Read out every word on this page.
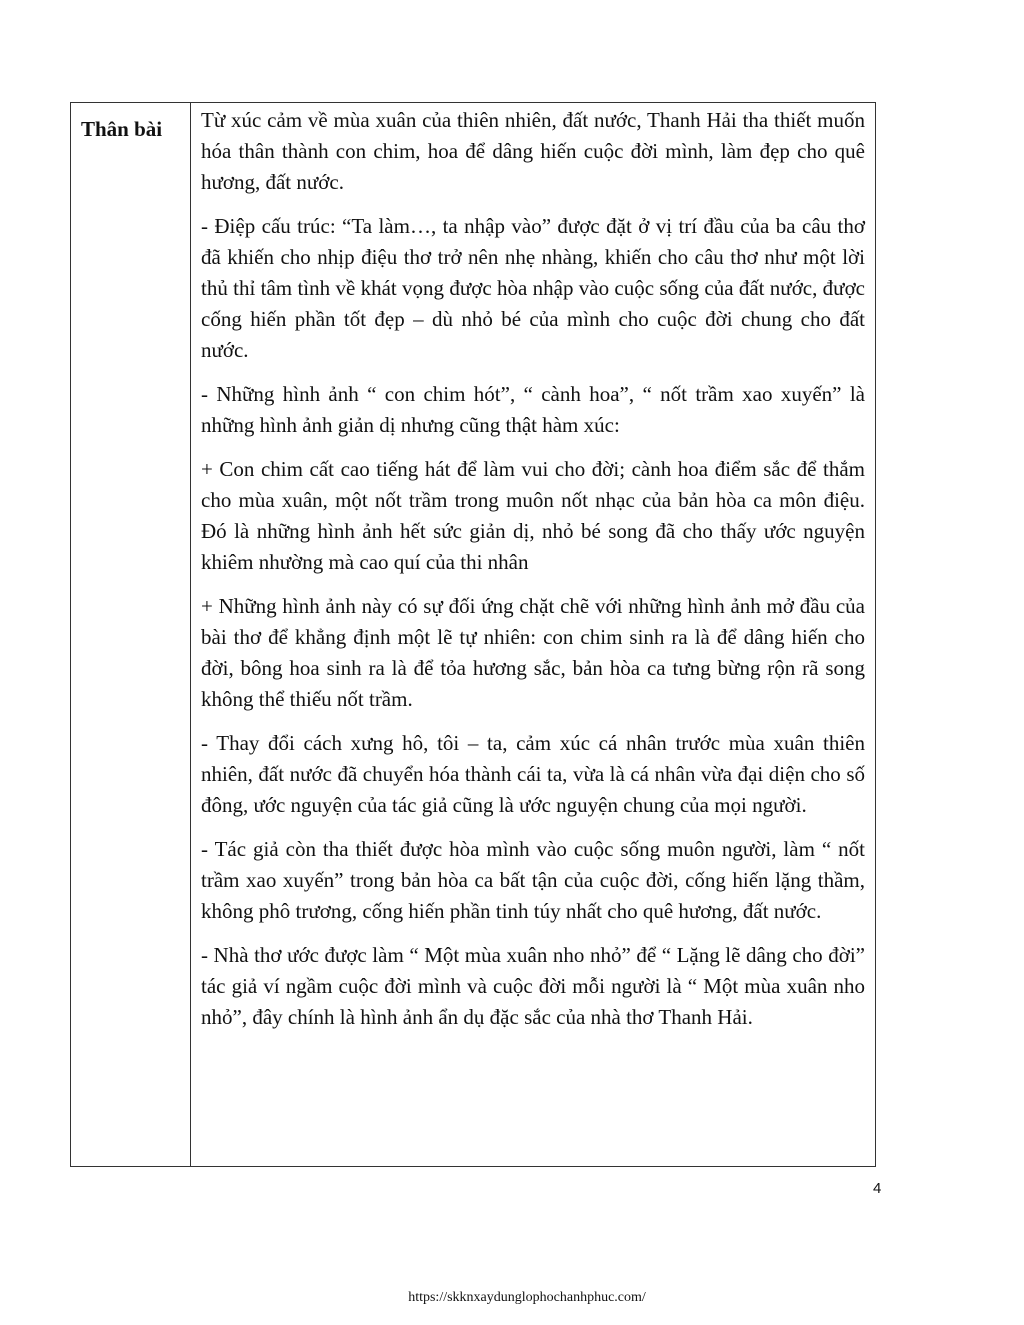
Thân bài	Từ xúc cảm về mùa xuân của thiên nhiên, đất nước, Thanh Hải tha thiết muốn hóa thân thành con chim, hoa để dâng hiến cuộc đời mình, làm đẹp cho quê hương, đất nước.

- Điệp cấu trúc: “Ta làm…, ta nhập vào” được đặt ở vị trí đầu của ba câu thơ đã khiến cho nhịp điệu thơ trở nên nhẹ nhàng, khiến cho câu thơ như một lời thủ thỉ tâm tình về khát vọng được hòa nhập vào cuộc sống của đất nước, được cống hiến phần tốt đẹp – dù nhỏ bé của mình cho cuộc đời chung cho đất nước.

- Những hình ảnh “ con chim hót”, “ cành hoa”, “ nốt trầm xao xuyến” là những hình ảnh giản dị nhưng cũng thật hàm xúc:

+ Con chim cất cao tiếng hát để làm vui cho đời; cành hoa điểm sắc để thắm cho mùa xuân, một nốt trầm trong muôn nốt nhạc của bản hòa ca môn điệu. Đó là những hình ảnh hết sức giản dị, nhỏ bé song đã cho thấy ước nguyện khiêm nhường mà cao quí của thi nhân

+ Những hình ảnh này có sự đối ứng chặt chẽ với những hình ảnh mở đầu của bài thơ để khẳng định một lẽ tự nhiên: con chim sinh ra là để dâng hiến cho đời, bông hoa sinh ra là để tỏa hương sắc, bản hòa ca tưng bừng rộn rã song không thể thiếu nốt trầm.

- Thay đổi cách xưng hô, tôi – ta, cảm xúc cá nhân trước mùa xuân thiên nhiên, đất nước đã chuyển hóa thành cái ta, vừa là cá nhân vừa đại diện cho số đông, ước nguyện của tác giả cũng là ước nguyện chung của mọi người.

- Tác giả còn tha thiết được hòa mình vào cuộc sống muôn người, làm “ nốt trầm xao xuyến” trong bản hòa ca bất tận của cuộc đời, cống hiến lặng thầm, không phô trương, cống hiến phần tinh túy nhất cho quê hương, đất nước.

- Nhà thơ ước được làm “ Một mùa xuân nho nhỏ” để “ Lặng lẽ dâng cho đời” tác giả ví ngầm cuộc đời mình và cuộc đời mỗi người là “ Một mùa xuân nho nhỏ”, đây chính là hình ảnh ẩn dụ đặc sắc của nhà thơ Thanh Hải.

4
https://skknxaydunglophochanhphuc.com/
